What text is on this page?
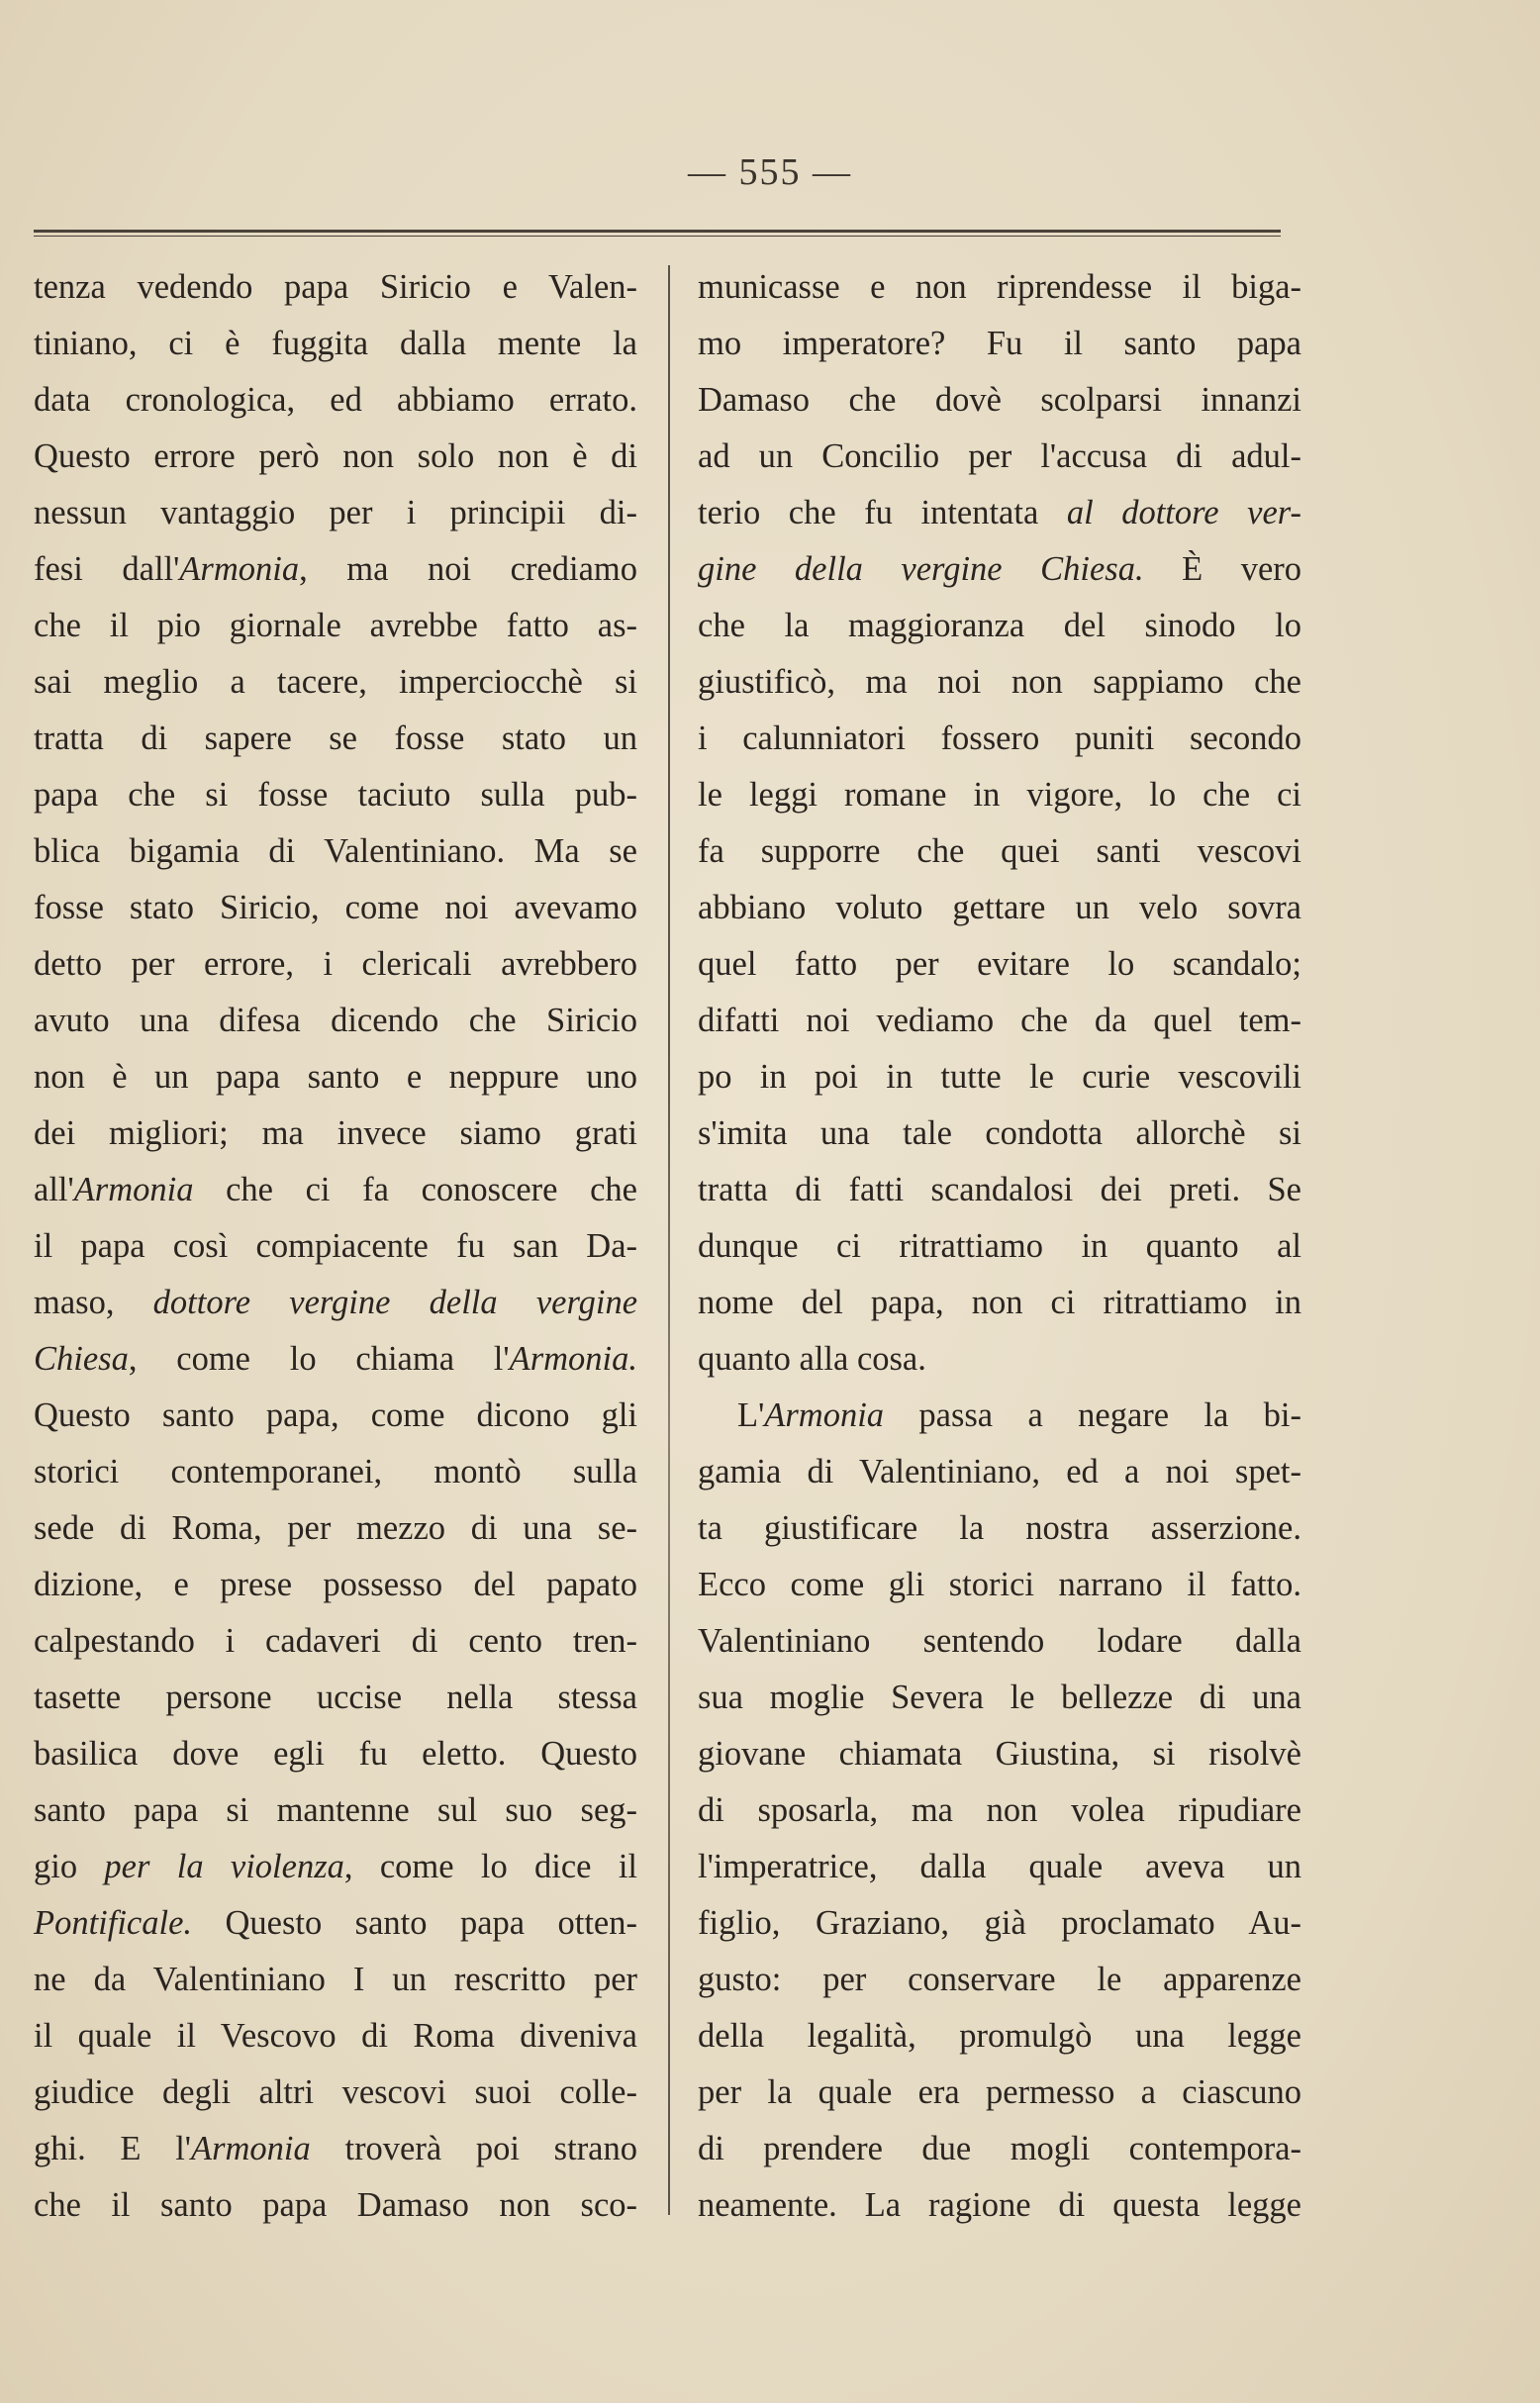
— 555 —
tenza vedendo papa Siricio e Valen-
tiniano, ci è fuggita dalla mente la
data cronologica, ed abbiamo errato.
Questo errore però non solo non è di
nessun vantaggio per i principii di-
fesi dall'Armonia, ma noi crediamo
che il pio giornale avrebbe fatto as-
sai meglio a tacere, imperciocchè si
tratta di sapere se fosse stato un
papa che si fosse taciuto sulla pub-
blica bigamia di Valentiniano. Ma se
fosse stato Siricio, come noi avevamo
detto per errore, i clericali avrebbero
avuto una difesa dicendo che Siricio
non è un papa santo e neppure uno
dei migliori; ma invece siamo grati
all'Armonia che ci fa conoscere che
il papa così compiacente fu san Da-
maso, dottore vergine della vergine
Chiesa, come lo chiama l'Armonia.
Questo santo papa, come dicono gli
storici contemporanei, montò sulla
sede di Roma, per mezzo di una se-
dizione, e prese possesso del papato
calpestando i cadaveri di cento tren-
tasette persone uccise nella stessa
basilica dove egli fu eletto. Questo
santo papa si mantenne sul suo seg-
gio per la violenza, come lo dice il
Pontificale. Questo santo papa otten-
ne da Valentiniano I un rescritto per
il quale il Vescovo di Roma diveniva
giudice degli altri vescovi suoi colle-
ghi. E l'Armonia troverà poi strano
che il santo papa Damaso non sco-
municasse e non riprendesse il biga-
mo imperatore? Fu il santo papa
Damaso che dovè scolparsi innanzi
ad un Concilio per l'accusa di adul-
terio che fu intentata al dottore ver-
gine della vergine Chiesa. È vero
che la maggioranza del sinodo lo
giustificò, ma noi non sappiamo che
i calunniatori fossero puniti secondo
le leggi romane in vigore, lo che ci
fa supporre che quei santi vescovi
abbiano voluto gettare un velo sovra
quel fatto per evitare lo scandalo;
difatti noi vediamo che da quel tem-
po in poi in tutte le curie vescovili
s'imita una tale condotta allorchè si
tratta di fatti scandalosi dei preti. Se
dunque ci ritrattiamo in quanto al
nome del papa, non ci ritrattiamo in
quanto alla cosa.
L'Armonia passa a negare la bi-
gamia di Valentiniano, ed a noi spet-
ta giustificare la nostra asserzione.
Ecco come gli storici narrano il fatto.
Valentiniano sentendo lodare dalla
sua moglie Severa le bellezze di una
giovane chiamata Giustina, si risolvè
di sposarla, ma non volea ripudiare
l'imperatrice, dalla quale aveva un
figlio, Graziano, già proclamato Au-
gusto: per conservare le apparenze
della legalità, promulgò una legge
per la quale era permesso a ciascuno
di prendere due mogli contempora-
neamente. La ragione di questa legge
